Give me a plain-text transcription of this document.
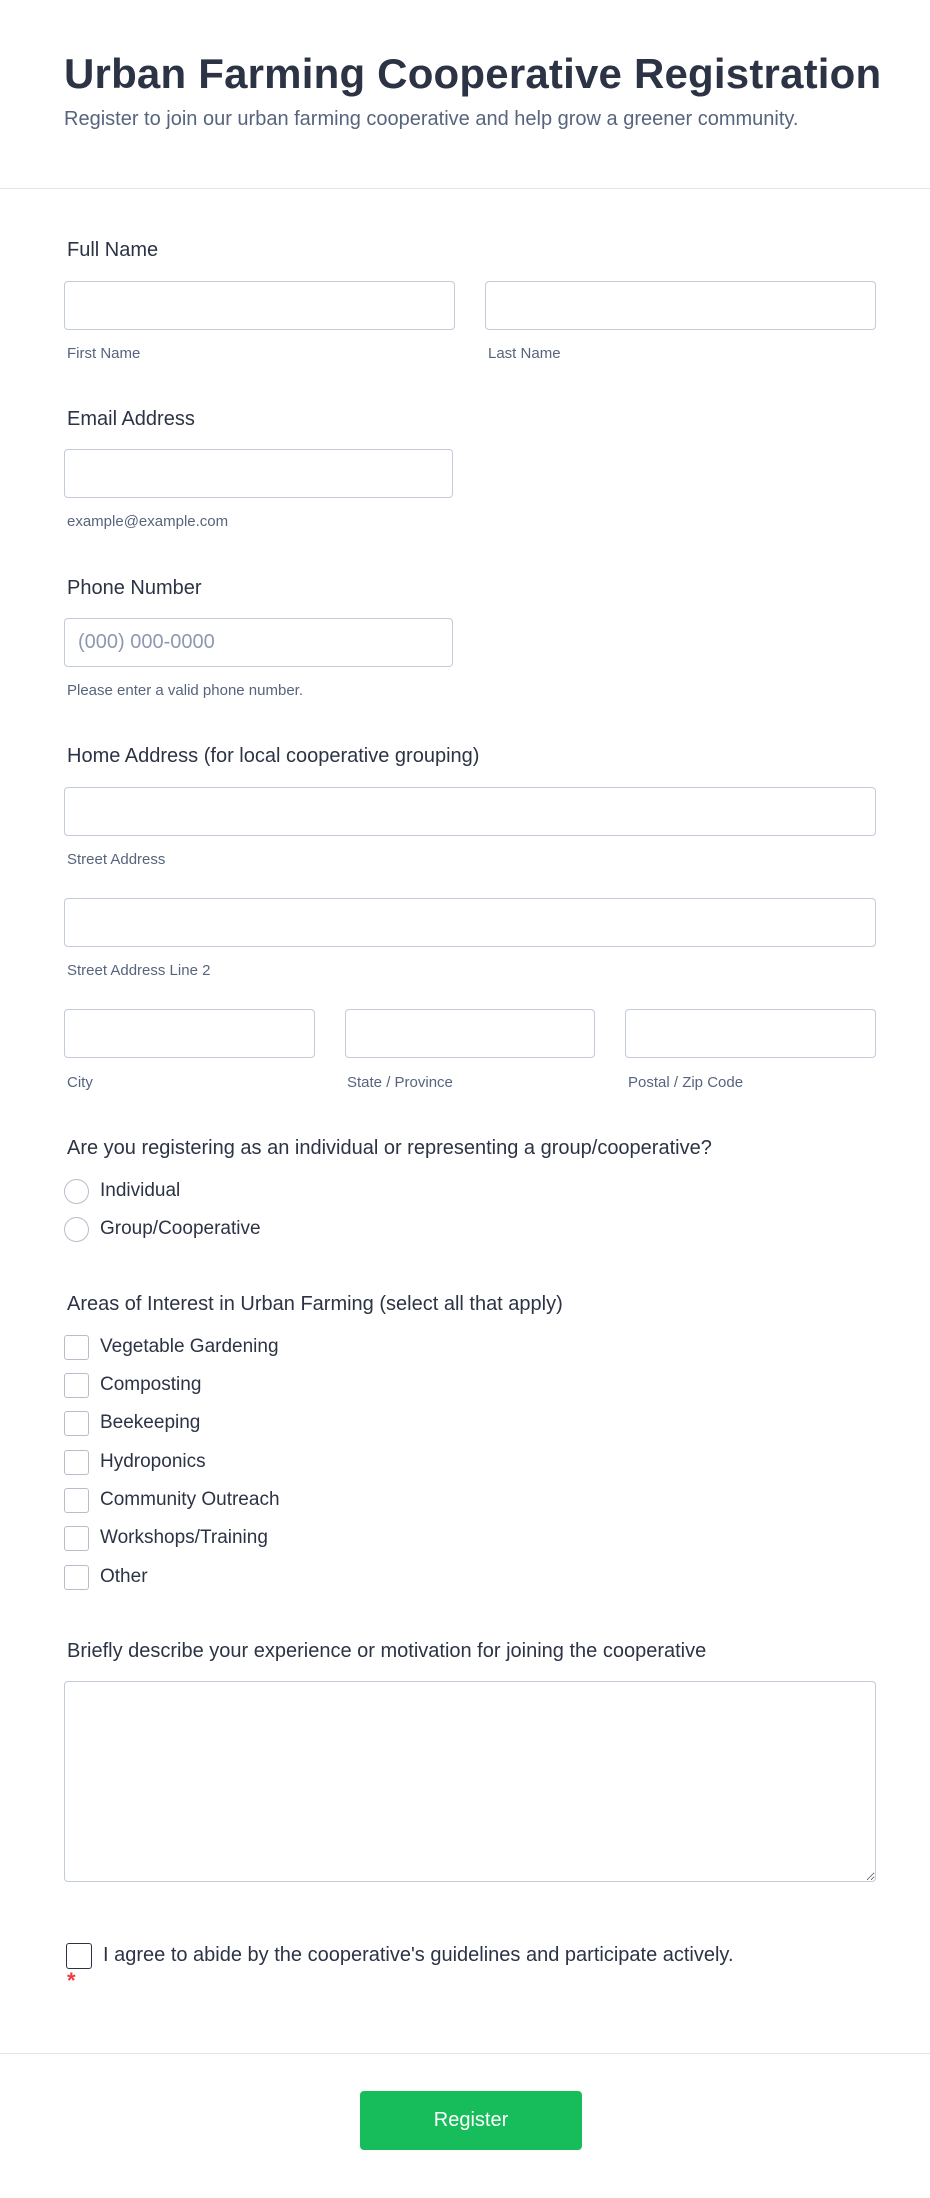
Urban Farming Cooperative Registration

Register to join our urban farming cooperative and help grow a greener community.

Full Name
First Name	Last Name
Email Address
example@example.com
Phone Number
(000) 000-0000
Please enter a valid phone number.
Home Address (for local cooperative grouping)
Street Address
Street Address Line 2
City	State / Province	Postal / Zip Code
Are you registering as an individual or representing a group/cooperative?
Individual
Group/Cooperative
Areas of Interest in Urban Farming (select all that apply)
Vegetable Gardening
Composting
Beekeeping
Hydroponics
Community Outreach
Workshops/Training
Other
Briefly describe your experience or motivation for joining the cooperative
I agree to abide by the cooperative's guidelines and participate actively.
*
Register
